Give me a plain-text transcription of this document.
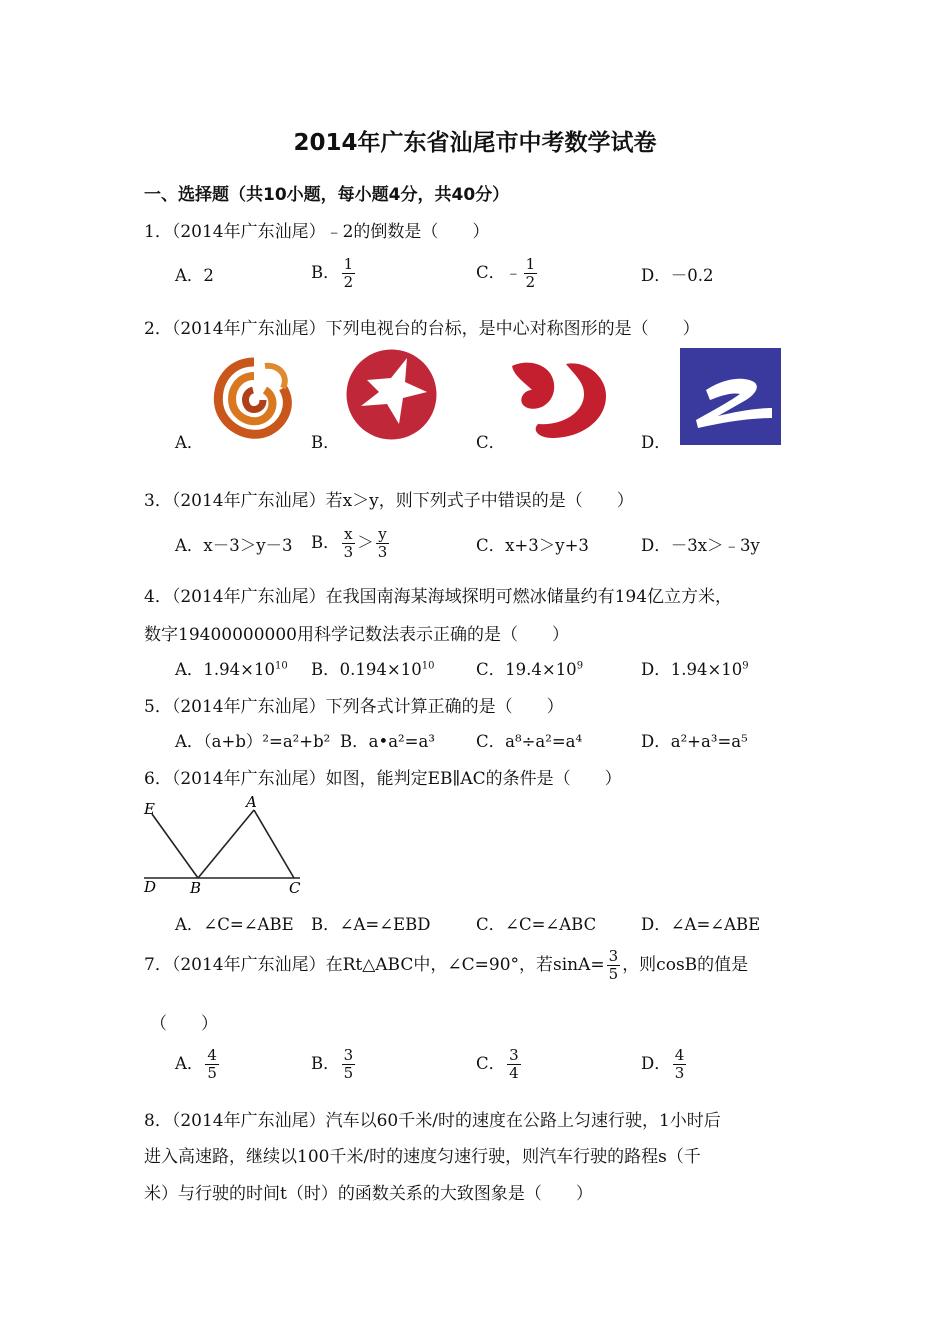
2014年广东省汕尾市中考数学试卷
一、选择题（共10小题，每小题4分，共40分）
1．（2014年广东汕尾）﹣2的倒数是（　　）
A．2	B． $\frac{1}{2}$	C．﹣ $\frac{1}{2}$	D．－0.2
2．（2014年广东汕尾）下列电视台的台标，是中心对称图形的是（　　）
A．	B．	C．	D．
3．（2014年广东汕尾）若x＞y，则下列式子中错误的是（　　）
A．x－3＞y－3 B． $\frac{x}{3} > \frac{y}{3}$	C．x+3＞y+3	D．－3x＞﹣3y
4．（2014年广东汕尾）在我国南海某海域探明可燃冰储量约有194亿立方米，
数字19400000000用科学记数法表示正确的是（　　）
A．$1.94\times 10^{10}$ B．$0.194\times 10^{10}$	C．$19.4\times 10^9$	D．$1.94\times 10^9$
5．（2014年广东汕尾）下列各式计算正确的是（　　）
A．（a+b）²=a²+b² B．a•a²=a³ C．a⁸÷a²=a⁴	D．a²+a³=a⁵
6．（2014年广东汕尾）如图，能判定EB∥AC的条件是（　　）
E	A
D B	C
A．∠C=∠ABE B．∠A=∠EBD	C．∠C=∠ABC	D．∠A=∠ABE
7．（2014年广东汕尾）在Rt△ABC中，∠C=90°，若$\sin A= \frac{3}{5}$ ，则cosB的值是
（　　）
A． $\frac{4}{5}$	B． $\frac{3}{5}$	C． $\frac{3}{4}$	D． $\frac{4}{3}$
8．（2014年广东汕尾）汽车以60千米/时的速度在公路上匀速行驶，1小时后
进入高速路，继续以100千米/时的速度匀速行驶，则汽车行驶的路程s（千
米）与行驶的时间t（时）的函数关系的大致图象是（　　）
